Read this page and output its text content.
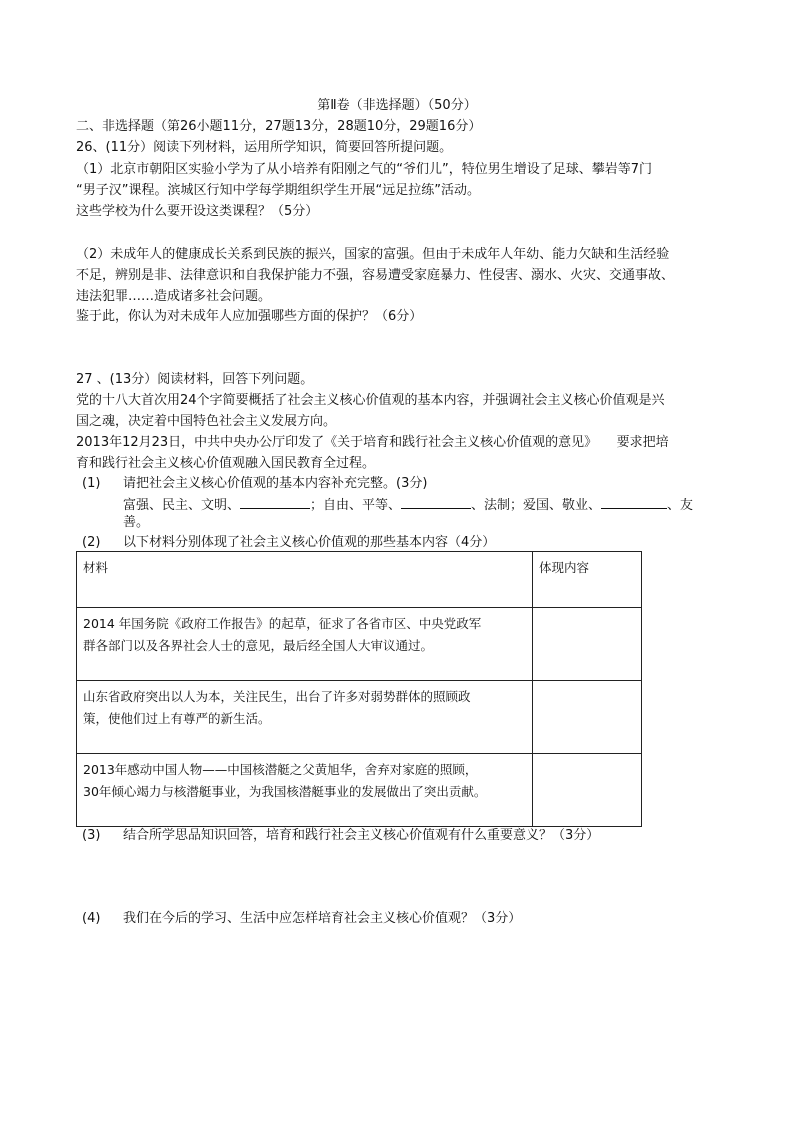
第Ⅱ卷（非选择题）（50分）
二、非选择题（第26小题11分，27题13分，28题10分，29题16分）
26、(11分）阅读下列材料，运用所学知识，简要回答所提问题。
（1）北京市朝阳区实验小学为了从小培养有阳刚之气的“爷们儿”，特位男生增设了足球、攀岩等7门
“男子汉”课程。滨城区行知中学每学期组织学生开展“远足拉练”活动。
这些学校为什么要开设这类课程？（5分）
（2）未成年人的健康成长关系到民族的振兴，国家的富强。但由于未成年人年幼、能力欠缺和生活经验
不足，辨别是非、法律意识和自我保护能力不强，容易遭受家庭暴力、性侵害、溺水、火灾、交通事故、
违法犯罪……造成诸多社会问题。
鉴于此，你认为对未成年人应加强哪些方面的保护？（6分）
27 、(13分）阅读材料，回答下列问题。
党的十八大首次用24个字简要概括了社会主义核心价值观的基本内容，并强调社会主义核心价值观是兴
国之魂，决定着中国特色社会主义发展方向。
2013年12月23日，中共中央办公厅印发了《关于培育和践行社会主义核心价值观的意见》　　要求把培
育和践行社会主义核心价值观融入国民教育全过程。
(1) 请把社会主义核心价值观的基本内容补充完整。(3分)
富强、民主、文明、	；自由、平等、	、法制；爱国、敬业、	、友
善。
(2) 以下材料分别体现了社会主义核心价值观的那些基本内容（4分）
材料	体现内容

2014 年国务院《政府工作报告》的起草，征求了各省市区、中央党政军
群各部门以及各界社会人士的意见，最后经全国人大审议通过。	

山东省政府突出以人为本，关注民生，出台了许多对弱势群体的照顾政
策，使他们过上有尊严的新生活。	

2013年感动中国人物——中国核潜艇之父黄旭华，舍弃对家庭的照顾，
30年倾心竭力与核潜艇事业，为我国核潜艇事业的发展做出了突出贡献。	

(3) 结合所学思品知识回答，培育和践行社会主义核心价值观有什么重要意义？（3分）
(4) 我们在今后的学习、生活中应怎样培育社会主义核心价值观？（3分）
